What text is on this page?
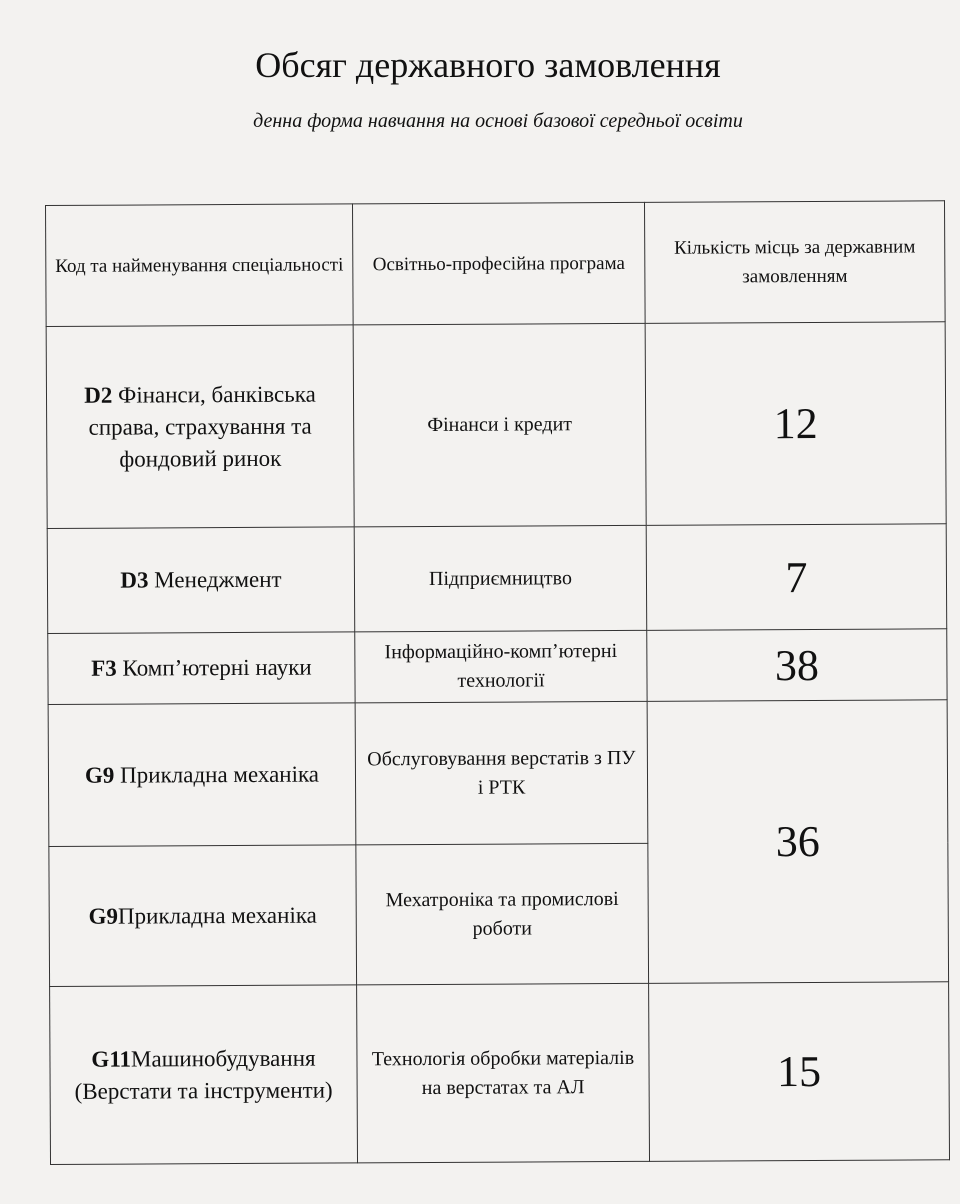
Обсяг державного замовлення
денна форма навчання на основі базової середньої освіти
Код та найменування спеціальності	Освітньо-професійна програма	Кількість місць за державним замовленням
D2 Фінанси, банківська справа, страхування та фондовий ринок	Фінанси і кредит	12
D3 Менеджмент	Підприємництво	7
F3 Комп’ютерні науки	Інформаційно-комп’ютерні технології	38
G9 Прикладна механіка	Обслуговування верстатів з ПУ і РТК	36
G9Прикладна механіка	Мехатроніка та промислові роботи	
G11Машинобудування (Верстати та інструменти)	Технологія обробки матеріалів на верстатах та АЛ	15
